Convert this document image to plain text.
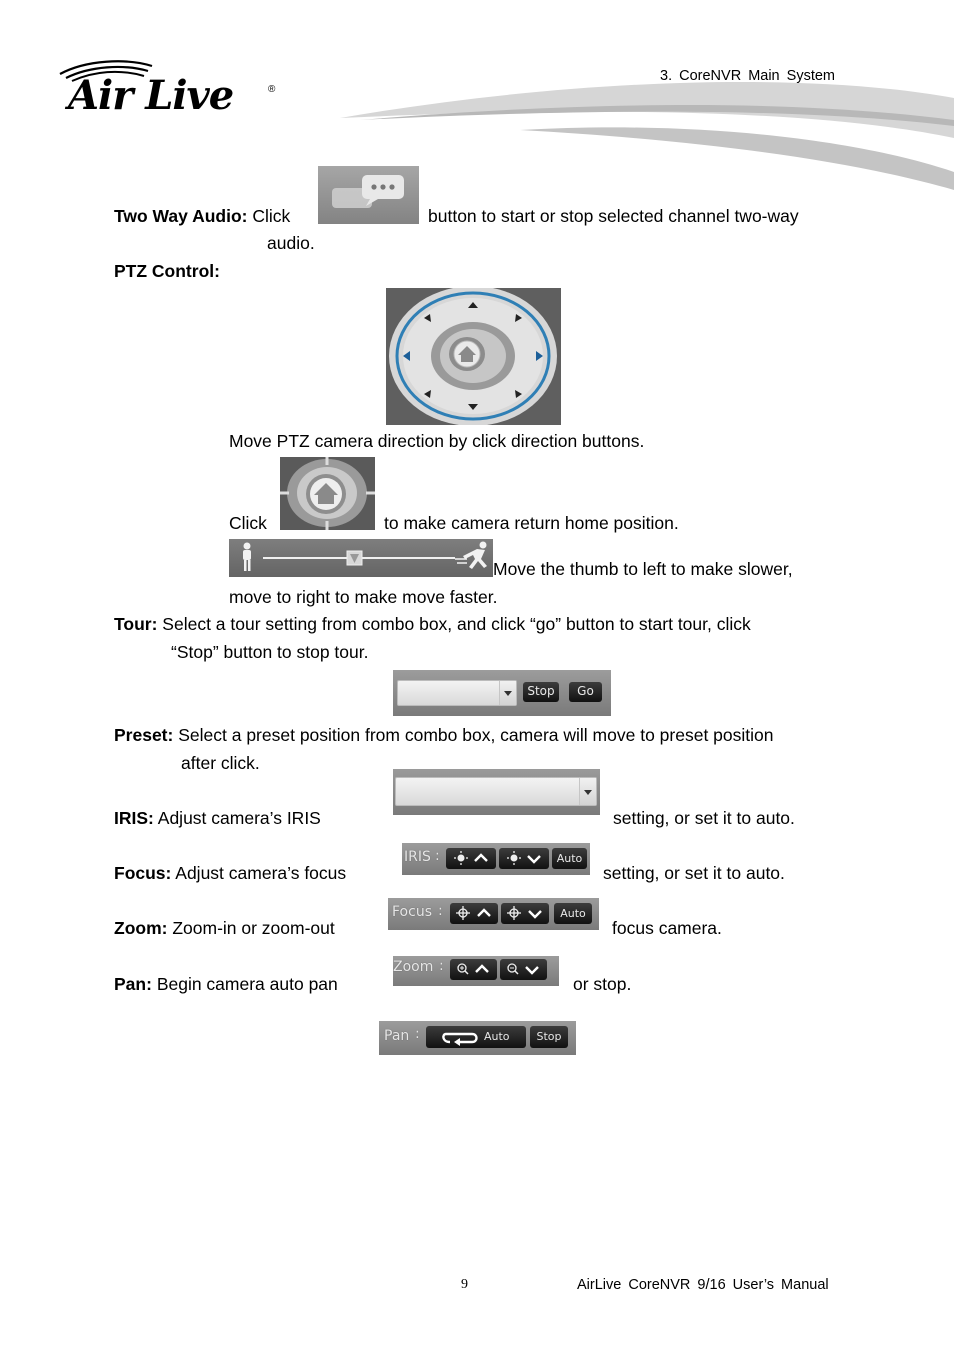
Air Live	®
3. CoreNVR Main System
Two Way Audio: Click	button to start or stop selected channel two-way
audio.
PTZ Control:
Move PTZ camera direction by click direction buttons.
Click	to make camera return home position.
Move the thumb to left to make slower,
move to right to make move faster.
Tour: Select a tour setting from combo box, and click “go” button to start tour, click
“Stop” button to stop tour.
Stop	Go
Preset: Select a preset position from combo box, camera will move to preset position
after click.
IRIS: Adjust camera’s IRIS	setting, or set it to auto.
IRIS :	Auto
Focus: Adjust camera’s focus	setting, or set it to auto.
Focus :	Auto
Zoom: Zoom-in or zoom-out	focus camera.
Zoom :
Pan: Begin camera auto pan	or stop.
Pan :	Auto	Stop
9	AirLive CoreNVR 9/16 User’s Manual
